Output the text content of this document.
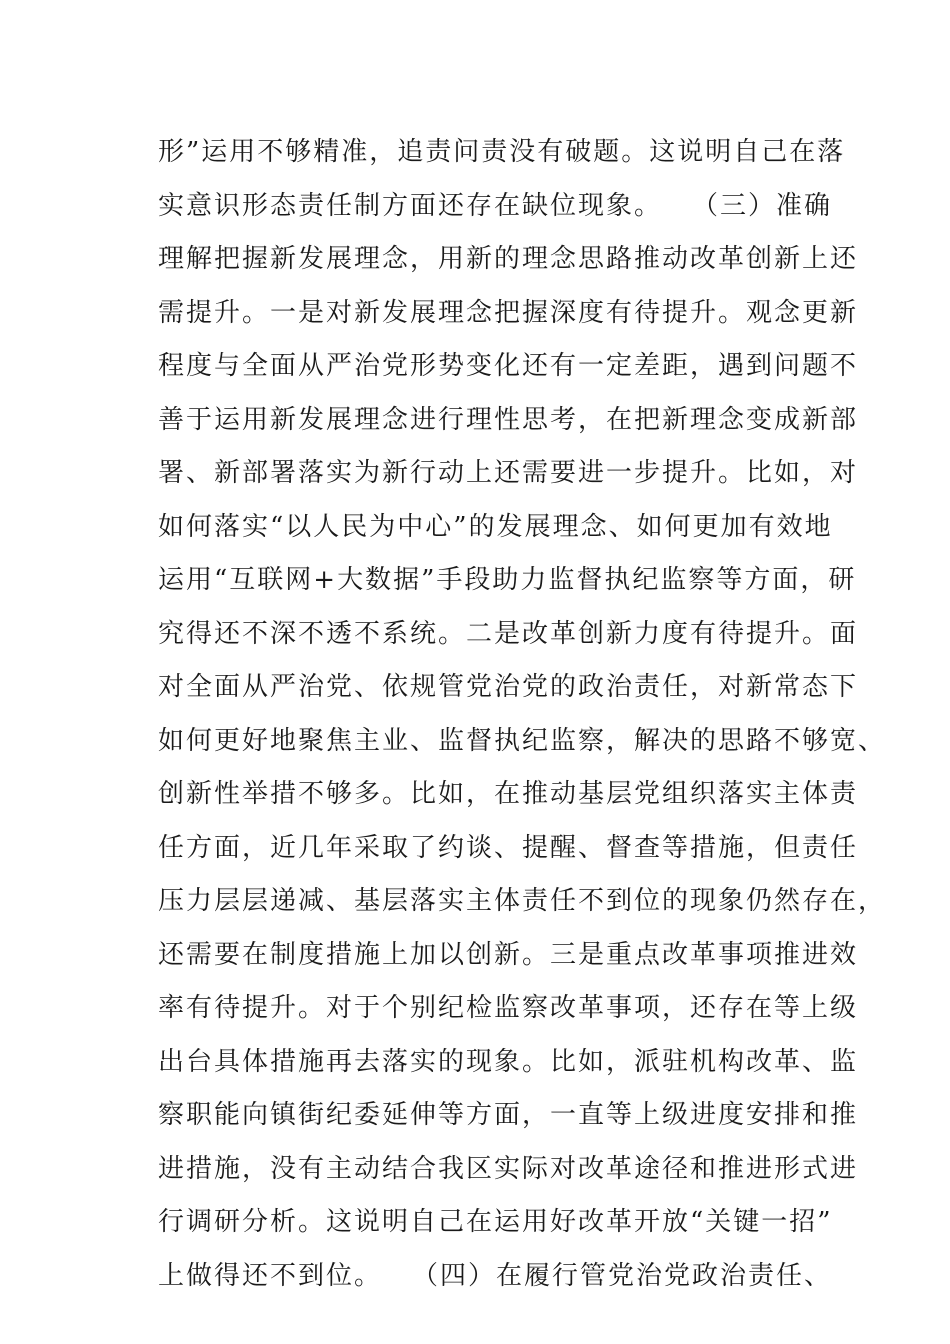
形”运用不够精准，追责问责没有破题。这说明自己在落
实意识形态责任制方面还存在缺位现象。　　（三）准确
理解把握新发展理念，用新的理念思路推动改革创新上还
需提升。一是对新发展理念把握深度有待提升。观念更新
程度与全面从严治党形势变化还有一定差距，遇到问题不
善于运用新发展理念进行理性思考，在把新理念变成新部
署、新部署落实为新行动上还需要进一步提升。比如，对
如何落实“以人民为中心”的发展理念、如何更加有效地
运用“互联网+大数据”手段助力监督执纪监察等方面，研
究得还不深不透不系统。二是改革创新力度有待提升。面
对全面从严治党、依规管党治党的政治责任，对新常态下
如何更好地聚焦主业、监督执纪监察，解决的思路不够宽、
创新性举措不够多。比如，在推动基层党组织落实主体责
任方面，近几年采取了约谈、提醒、督查等措施，但责任
压力层层递减、基层落实主体责任不到位的现象仍然存在，
还需要在制度措施上加以创新。三是重点改革事项推进效
率有待提升。对于个别纪检监察改革事项，还存在等上级
出台具体措施再去落实的现象。比如，派驻机构改革、监
察职能向镇街纪委延伸等方面，一直等上级进度安排和推
进措施，没有主动结合我区实际对改革途径和推进形式进
行调研分析。这说明自己在运用好改革开放“关键一招”
上做得还不到位。　　（四）在履行管党治党政治责任、
